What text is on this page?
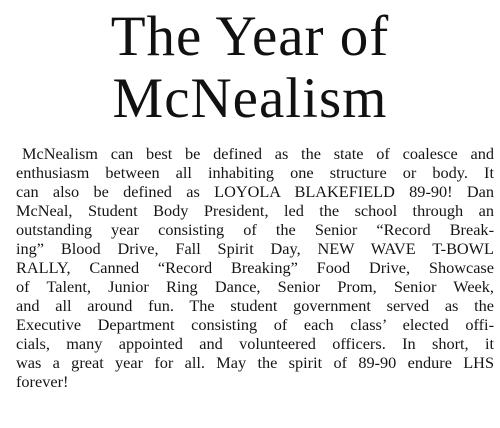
The Year of
McNealism
McNealism can best be defined as the state of coalesce and
enthusiasm between all inhabiting one structure or body. It
can also be defined as LOYOLA BLAKEFIELD 89-90! Dan
McNeal, Student Body President, led the school through an
outstanding year consisting of the Senior “Record Break-
ing” Blood Drive, Fall Spirit Day, NEW WAVE T-BOWL
RALLY, Canned “Record Breaking” Food Drive, Showcase
of Talent, Junior Ring Dance, Senior Prom, Senior Week,
and all around fun. The student government served as the
Executive Department consisting of each class’ elected offi-
cials, many appointed and volunteered officers. In short, it
was a great year for all. May the spirit of 89-90 endure LHS
forever!
